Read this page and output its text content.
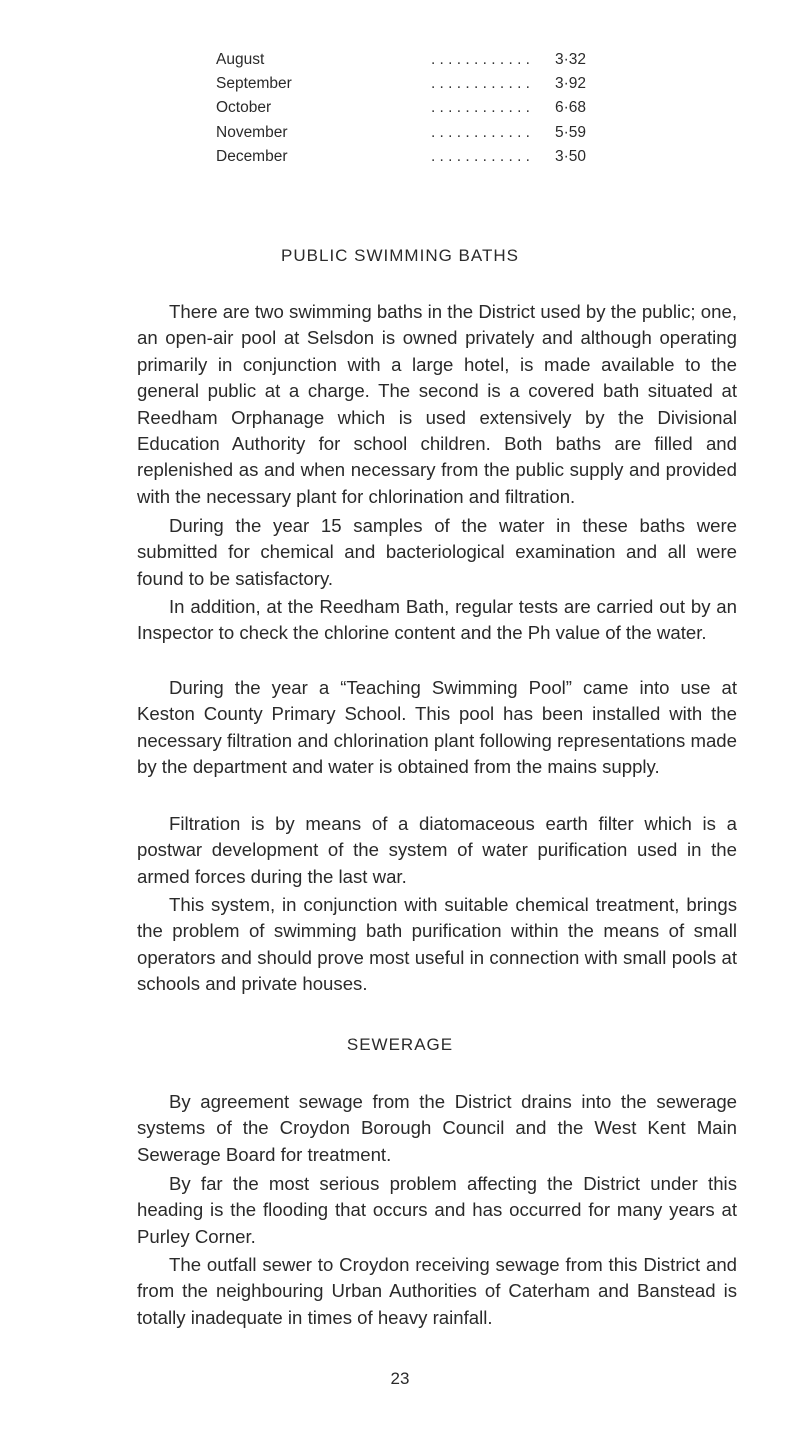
. . . . . . . . . . . .
August	3·32
. . . . . . . . . . . .
September	3·92
. . . . . . . . . . . .
October	6·68
. . . . . . . . . . . .
November	5·59
. . . . . . . . . . . .
December	3·50
PUBLIC SWIMMING BATHS

There are two swimming baths in the District used by the public; one, an open-air pool at Selsdon is owned privately and although operating primarily in conjunction with a large hotel, is made available to the general public at a charge. The second is a covered bath situated at Reedham Orphanage which is used extensively by the Divisional Education Authority for school children. Both baths are filled and replenished as and when necessary from the public supply and provided with the necessary plant for chlorination and filtration.

During the year 15 samples of the water in these baths were submitted for chemical and bacteriological examination and all were found to be satisfactory.

In addition, at the Reedham Bath, regular tests are carried out by an Inspector to check the chlorine content and the Ph value of the water.

During the year a “Teaching Swimming Pool” came into use at Keston County Primary School. This pool has been installed with the necessary filtration and chlorination plant following representations made by the department and water is obtained from the mains supply.

Filtration is by means of a diatomaceous earth filter which is a postwar development of the system of water purification used in the armed forces during the last war.

This system, in conjunction with suitable chemical treatment, brings the problem of swimming bath purification within the means of small operators and should prove most useful in connection with small pools at schools and private houses.

SEWERAGE

By agreement sewage from the District drains into the sewerage systems of the Croydon Borough Council and the West Kent Main Sewerage Board for treatment.

By far the most serious problem affecting the District under this heading is the flooding that occurs and has occurred for many years at Purley Corner.

The outfall sewer to Croydon receiving sewage from this District and from the neighbouring Urban Authorities of Caterham and Banstead is totally inadequate in times of heavy rainfall.

23
